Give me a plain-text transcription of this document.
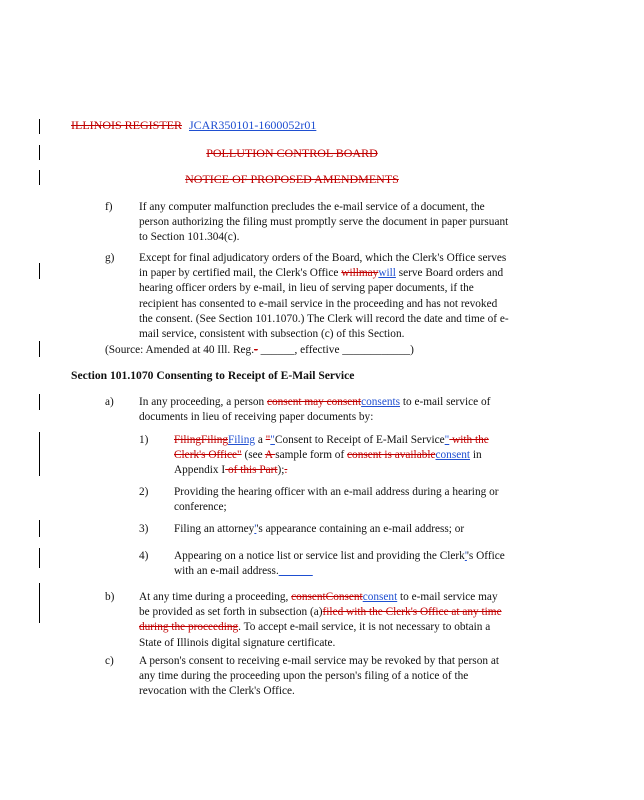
ILLINOIS REGISTER JCAR350101-1600052r01
POLLUTION CONTROL BOARD
NOTICE OF PROPOSED AMENDMENTS
f) If any computer malfunction precludes the e-mail service of a document, the person authorizing the filing must promptly serve the document in paper pursuant to Section 101.304(c).
g) Except for final adjudicatory orders of the Board, which the Clerk's Office serves in paper by certified mail, the Clerk's Office willmaywill serve Board orders and hearing officer orders by e-mail, in lieu of serving paper documents, if the recipient has consented to e-mail service in the proceeding and has not revoked the consent. (See Section 101.1070.) The Clerk will record the date and time of e-mail service, consistent with subsection (c) of this Section.
(Source: Amended at 40 Ill. Reg.- ______, effective ____________)
Section 101.1070 Consenting to Receipt of E-Mail Service
a) In any proceeding, a person consent may consentconsents to e-mail service of documents in lieu of receiving paper documents by:
1) FilingFilingFiling a ""Consent to Receipt of E-Mail Service" with the Clerk's Office" (see A sample form of consent is availableconsent in Appendix I of this Part);.
2) Providing the hearing officer with an e-mail address during a hearing or conference;
3) Filing an attorney''s appearance containing an e-mail address; or
4) Appearing on a notice list or service list and providing the Clerk''s Office with an e-mail address.______
b) At any time during a proceeding, consentConsentconsent to e-mail service may be provided as set forth in subsection (a)filed with the Clerk's Office at any time during the proceeding. To accept e-mail service, it is not necessary to obtain a State of Illinois digital signature certificate.
c) A person's consent to receiving e-mail service may be revoked by that person at any time during the proceeding upon the person's filing of a notice of the revocation with the Clerk's Office.
